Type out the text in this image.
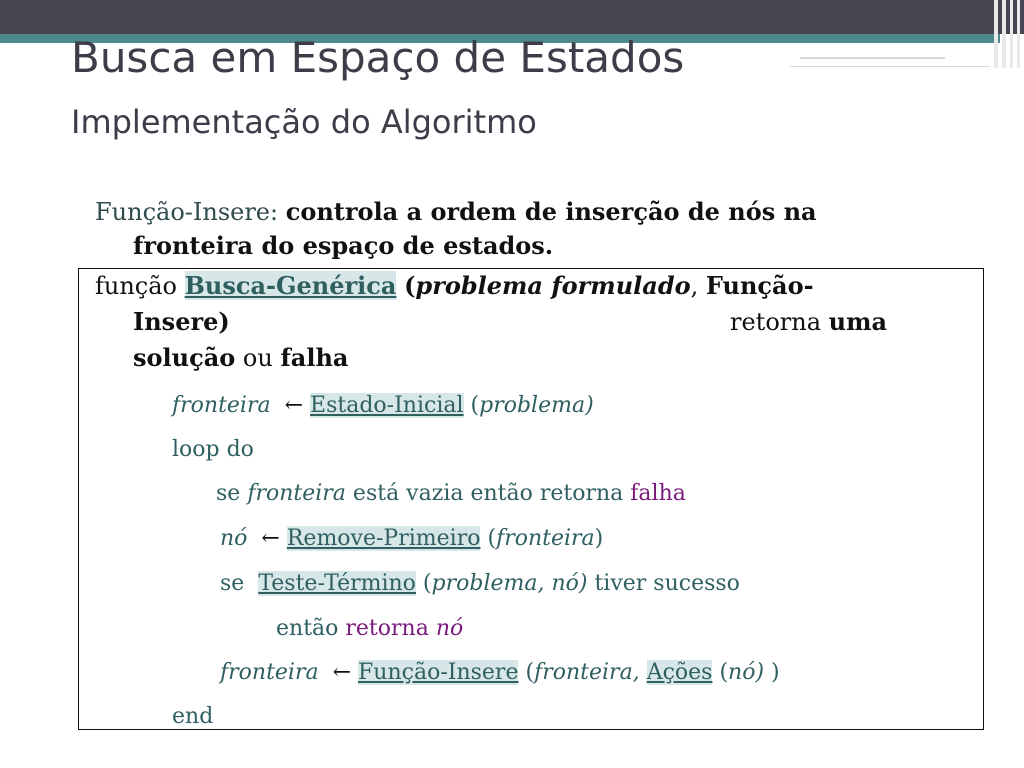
Busca em Espaço de Estados
Implementação do Algoritmo
Função-Insere: controla a ordem de inserção de nós na
fronteira do espaço de estados.
função Busca-Genérica (problema formulado, Função-
Insere)	retorna uma
solução ou falha
fronteira ← Estado-Inicial (problema)
loop do
se fronteira está vazia então retorna falha
nó ← Remove-Primeiro (fronteira)
se Teste-Término (problema, nó) tiver sucesso
então retorna nó
fronteira ← Função-Insere (fronteira, Ações (nó) )
end
